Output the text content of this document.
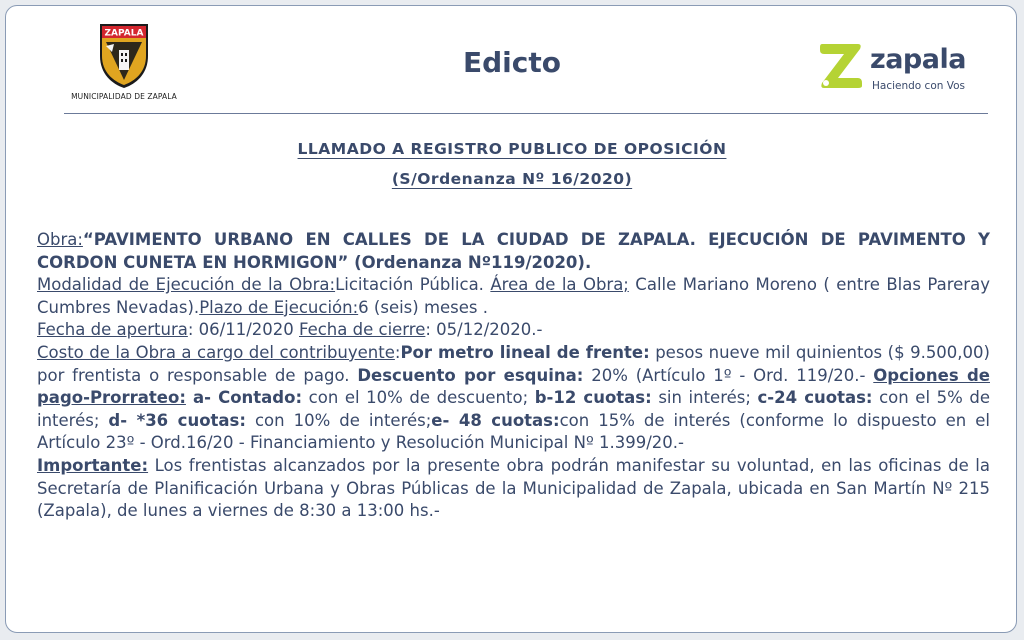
ZAPALA
MUNICIPALIDAD DE ZAPALA
Edicto	zapala
Haciendo con Vos
LLAMADO A REGISTRO PUBLICO DE OPOSICIÓN
(S/Ordenanza Nº 16/2020)

Obra:“PAVIMENTO URBANO EN CALLES DE LA CIUDAD DE ZAPALA. EJECUCIÓN DE PAVIMENTO Y CORDON CUNETA EN HORMIGON” (Ordenanza Nº119/2020).

Modalidad de Ejecución de la Obra:Licitación Pública. Área de la Obra; Calle Mariano Moreno ( entre Blas Pareray Cumbres Nevadas).Plazo de Ejecución:6 (seis) meses .

Fecha de apertura: 06/11/2020 Fecha de cierre: 05/12/2020.-

Costo de la Obra a cargo del contribuyente:Por metro lineal de frente: pesos nueve mil quinientos ($ 9.500,00) por frentista o responsable de pago. Descuento por esquina: 20% (Artículo 1º - Ord. 119/20.- Opciones de pago-Prorrateo: a- Contado: con el 10% de descuento; b-12 cuotas: sin interés; c-24 cuotas: con el 5% de interés; d- *36 cuotas: con 10% de interés;e- 48 cuotas:con 15% de interés (conforme lo dispuesto en el Artículo 23º - Ord.16/20 - Financiamiento y Resolución Municipal Nº 1.399/20.-

Importante: Los frentistas alcanzados por la presente obra podrán manifestar su voluntad, en las oficinas de la Secretaría de Planificación Urbana y Obras Públicas de la Municipalidad de Zapala, ubicada en San Martín Nº 215 (Zapala), de lunes a viernes de 8:30 a 13:00 hs.-
